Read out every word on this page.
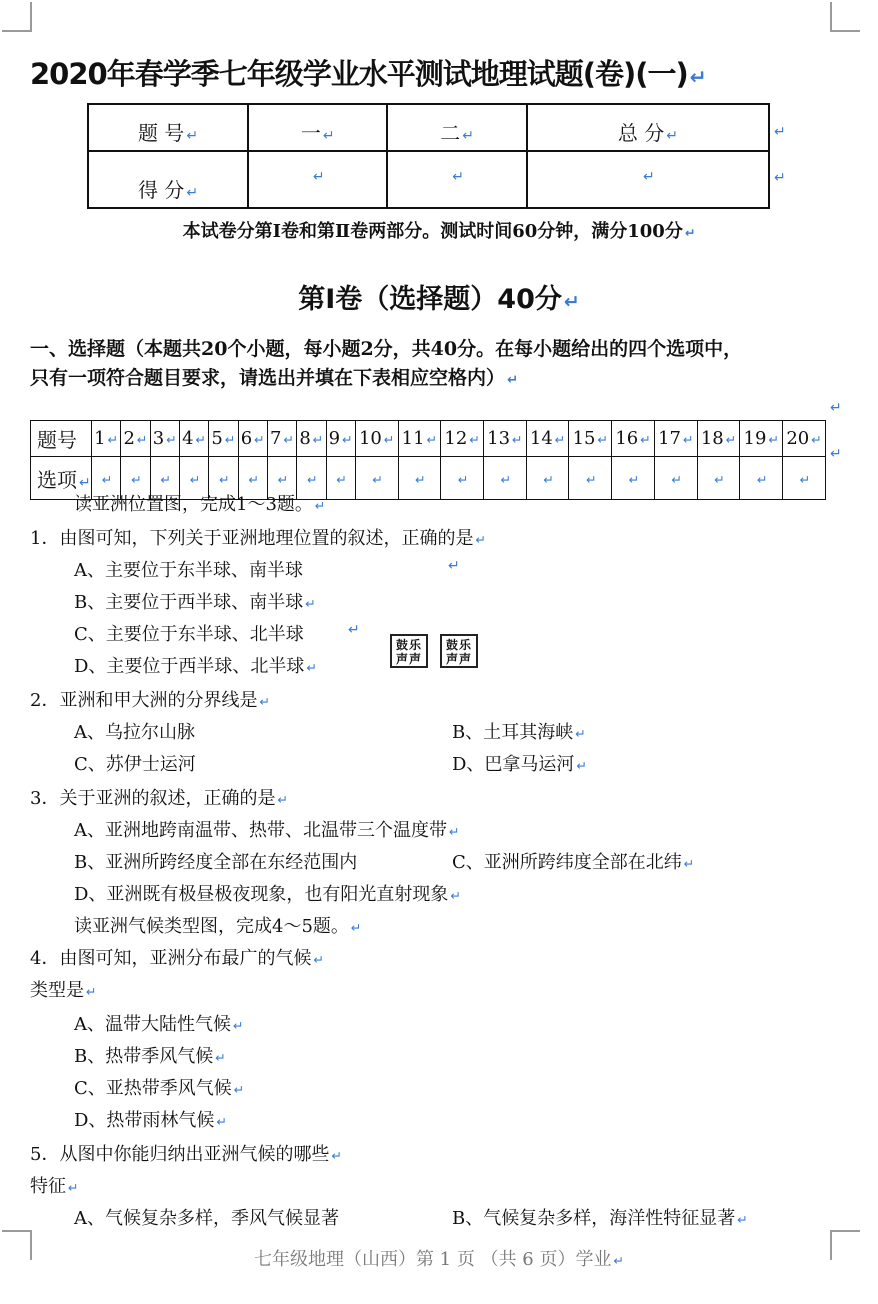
2020年春学季七年级学业水平测试地理试题(卷)(一)↵
题 号 ↵	一 ↵	二 ↵	总 分 ↵
得 分 ↵	↵	↵	↵
↵
↵
本试卷分第Ⅰ卷和第Ⅱ卷两部分。测试时间60分钟，满分100分 ↵
第Ⅰ卷（选择题）40分 ↵
一、选择题（本题共20个小题，每小题2分，共40分。在每小题给出的四个选项中，
只有一项符合题目要求，请选出并填在下表相应空格内） ↵
题号	1 ↵	2 ↵	3 ↵	4 ↵	5 ↵	6 ↵	7 ↵	8 ↵	9 ↵	10 ↵	11 ↵	12 ↵	13 ↵	14 ↵	15 ↵	16 ↵	17 ↵	18 ↵	19 ↵	20 ↵
选项 ↵	↵	↵	↵	↵	↵	↵	↵	↵	↵	↵	↵	↵	↵	↵	↵	↵	↵	↵	↵	↵
↵
↵
读亚洲位置图，完成1～3题。 ↵
1．由图可知，下列关于亚洲地理位置的叙述，正确的是 ↵
A、主要位于东半球、南半球	↵
B、主要位于西半球、南半球 ↵
C、主要位于东半球、北半球	↵
D、主要位于西半球、北半球 ↵
鼓乐
声声
鼓乐
声声
2．亚洲和甲大洲的分界线是 ↵
A、乌拉尔山脉	B、土耳其海峡 ↵
C、苏伊士运河	D、巴拿马运河 ↵
3．关于亚洲的叙述，正确的是 ↵
A、亚洲地跨南温带、热带、北温带三个温度带 ↵
B、亚洲所跨经度全部在东经范围内	C、亚洲所跨纬度全部在北纬 ↵
D、亚洲既有极昼极夜现象，也有阳光直射现象 ↵
读亚洲气候类型图，完成4～5题。 ↵
4．由图可知，亚洲分布最广的气候 ↵
类型是 ↵
A、温带大陆性气候 ↵
B、热带季风气候 ↵
C、亚热带季风气候 ↵
D、热带雨林气候 ↵
5．从图中你能归纳出亚洲气候的哪些 ↵
特征 ↵
A、气候复杂多样，季风气候显著	B、气候复杂多样，海洋性特征显著 ↵
七年级地理（山西）第 1 页 （共 6 页）学业 ↵
